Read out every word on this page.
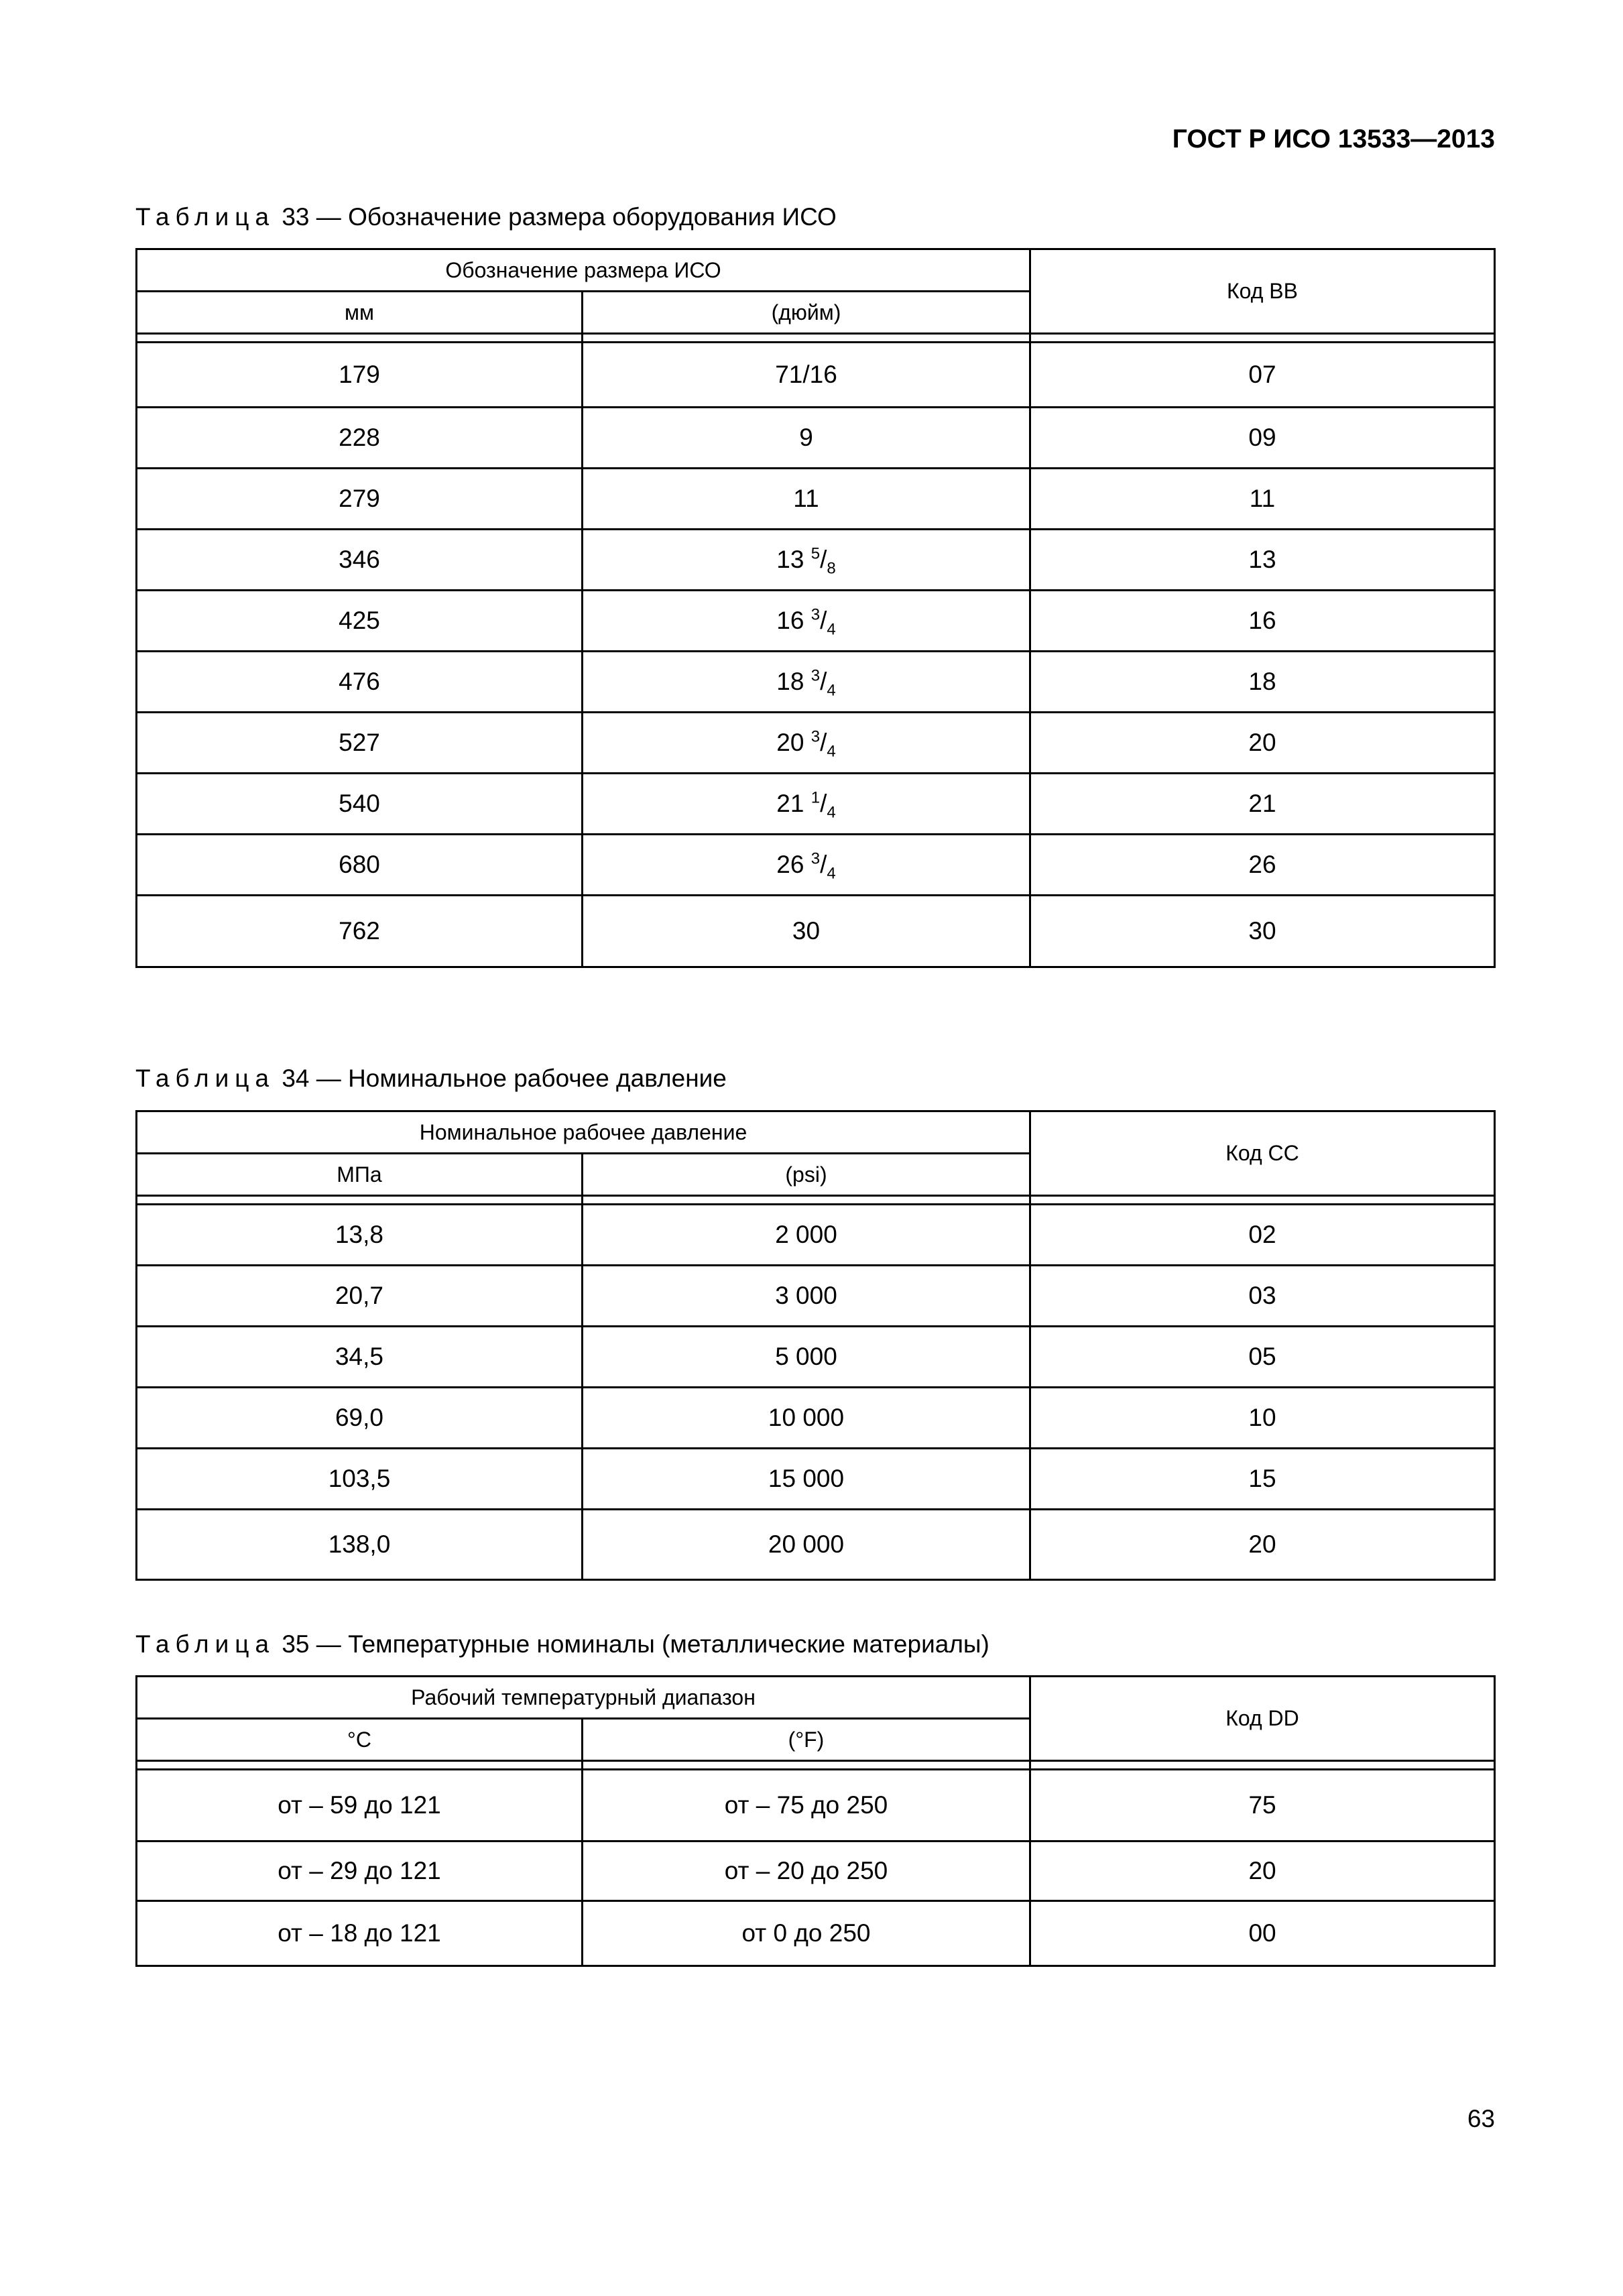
ГОСТ Р ИСО 13533—2013
Таблица 33 — Обозначение размера оборудования ИСО
Обозначение размера ИСО		Код BB
мм	(дюйм)	

179	71/16	07
228	9	09
279	11	11
346	13 $^5/_8$	13
425	16 $^3/_4$	16
476	18 $^3/_4$	18
527	20 $^3/_4$	20
540	21 $^1/_4$	21
680	26 $^3/_4$	26
762	30	30
Таблица 34 — Номинальное рабочее давление
Номинальное рабочее давление		Код CC
МПа	(psi)	

13,8	2 000	02
20,7	3 000	03
34,5	5 000	05
69,0	10 000	10
103,5	15 000	15
138,0	20 000	20
Таблица 35 — Температурные номиналы (металлические материалы)
Рабочий температурный диапазон		Код DD
°C	(°F)	

от – 59 до 121	от – 75 до 250	75
от – 29 до 121	от – 20 до 250	20
от – 18 до 121	от 0 до 250	00
63
